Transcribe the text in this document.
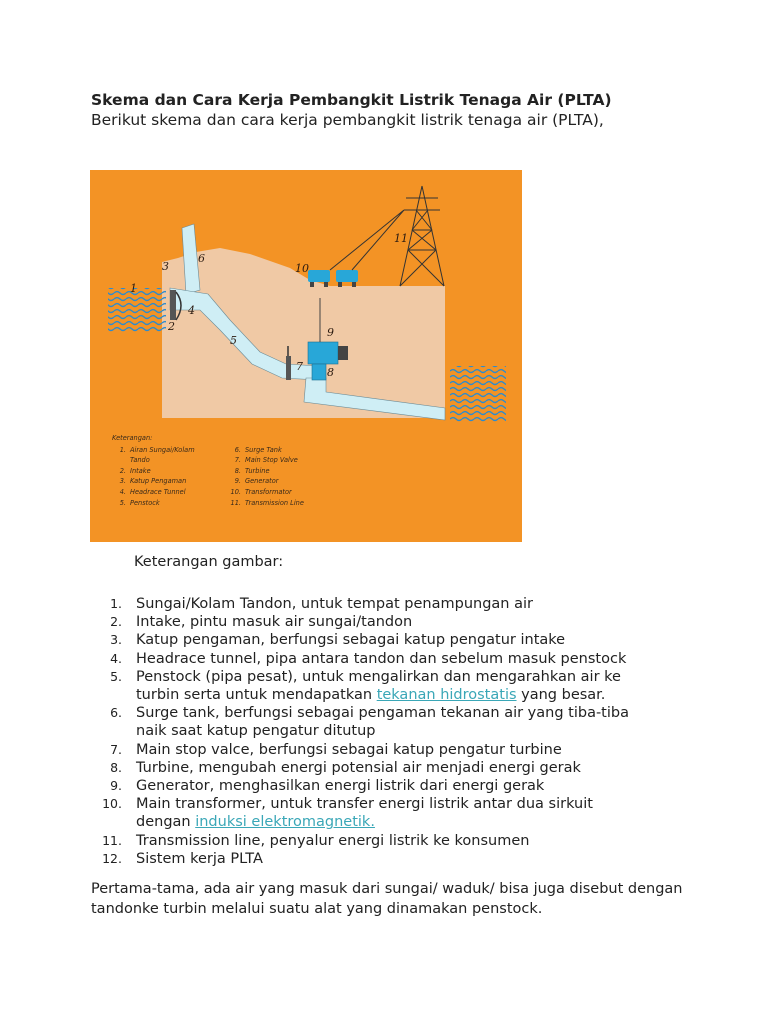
Skema dan Cara Kerja Pembangkit Listrik Tenaga Air (PLTA)
Berikut skema dan cara kerja pembangkit listrik tenaga air (PLTA),
1
2
3
4
5
6
7 8
9
10
11
Keterangan:
1. Airan Sungai/Kolam
Tando
2. Intake
3. Katup Pengaman
4. Headrace Tunnel
5. Penstock
6. Surge Tank
7. Main Stop Valve
8. Turbine
9. Generator
10. Transformator
11. Transmission Line
Keterangan gambar:
1. Sungai/Kolam Tandon, untuk tempat penampungan air
2. Intake, pintu masuk air sungai/tandon
3. Katup pengaman, berfungsi sebagai katup pengatur intake
4. Headrace tunnel, pipa antara tandon dan sebelum masuk penstock
5. Penstock (pipa pesat), untuk mengalirkan dan mengarahkan air ke
turbin serta untuk mendapatkan tekanan hidrostatis yang besar.
6. Surge tank, berfungsi sebagai pengaman tekanan air yang tiba-tiba
naik saat katup pengatur ditutup
7. Main stop valce, berfungsi sebagai katup pengatur turbine
8. Turbine, mengubah energi potensial air menjadi energi gerak
9. Generator, menghasilkan energi listrik dari energi gerak
10. Main transformer, untuk transfer energi listrik antar dua sirkuit
dengan induksi elektromagnetik.
11. Transmission line, penyalur energi listrik ke konsumen
12. Sistem kerja PLTA
Pertama-tama, ada air yang masuk dari sungai/ waduk/ bisa juga disebut dengan tandonke turbin melalui suatu alat yang dinamakan penstock.
